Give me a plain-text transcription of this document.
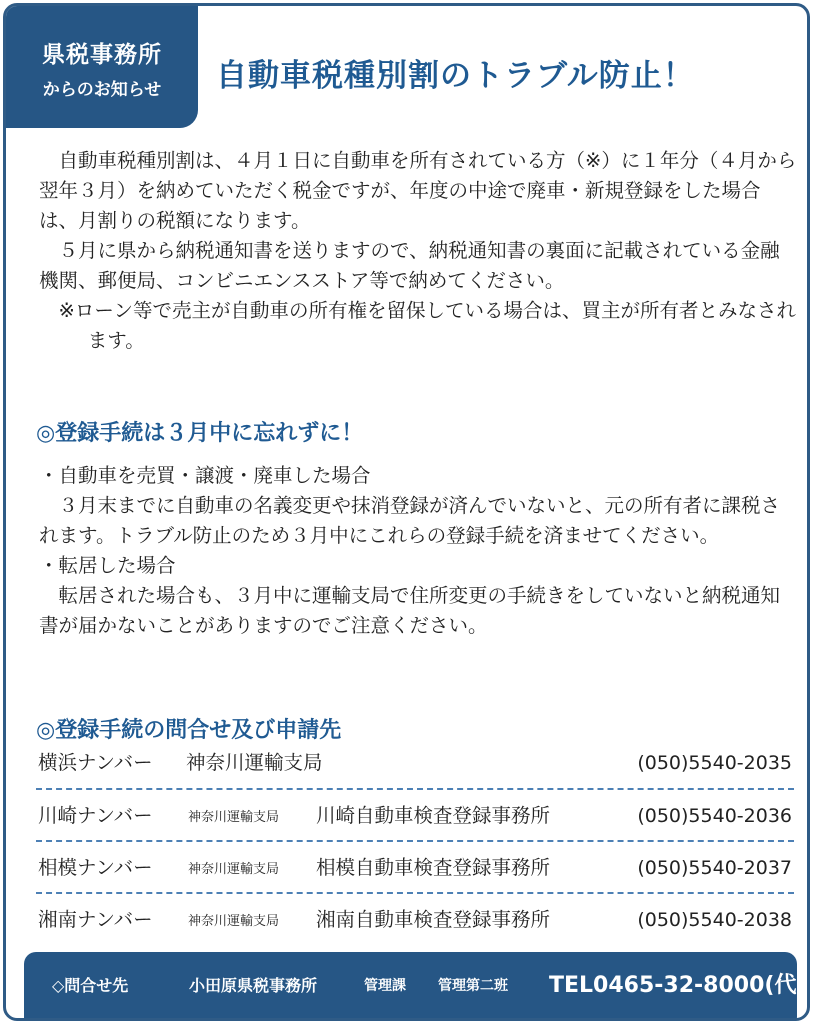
県税事務所
からのお知らせ	自動車税種別割のトラブル防止！

自動車税種別割は、４月１日に自動車を所有されている方（※）に１年分（４月から翌年３月）を納めていただく税金ですが、年度の中途で廃車・新規登録をした場合は、月割りの税額になります。

５月に県から納税通知書を送りますので、納税通知書の裏面に記載されている金融機関、郵便局、コンビニエンスストア等で納めてください。

※ローン等で売主が自動車の所有権を留保している場合は、買主が所有者とみなされます。

◎登録手続は３月中に忘れずに！

・自動車を売買・譲渡・廃車した場合

３月末までに自動車の名義変更や抹消登録が済んでいないと、元の所有者に課税されます。トラブル防止のため３月中にこれらの登録手続を済ませてください。

・転居した場合

転居された場合も、３月中に運輸支局で住所変更の手続きをしていないと納税通知書が届かないことがありますのでご注意ください。

◎登録手続の問合せ及び申請先
横浜ナンバー 神奈川運輸支局	(050)5540-2035
川崎ナンバー	神奈川運輸支局 川崎自動車検査登録事務所	(050)5540-2036
相模ナンバー	神奈川運輸支局 相模自動車検査登録事務所	(050)5540-2037
湘南ナンバー	神奈川運輸支局 湘南自動車検査登録事務所	(050)5540-2038
◇問合せ先	小田原県税事務所	管理課 管理第二班 TEL0465-32-8000(代)
